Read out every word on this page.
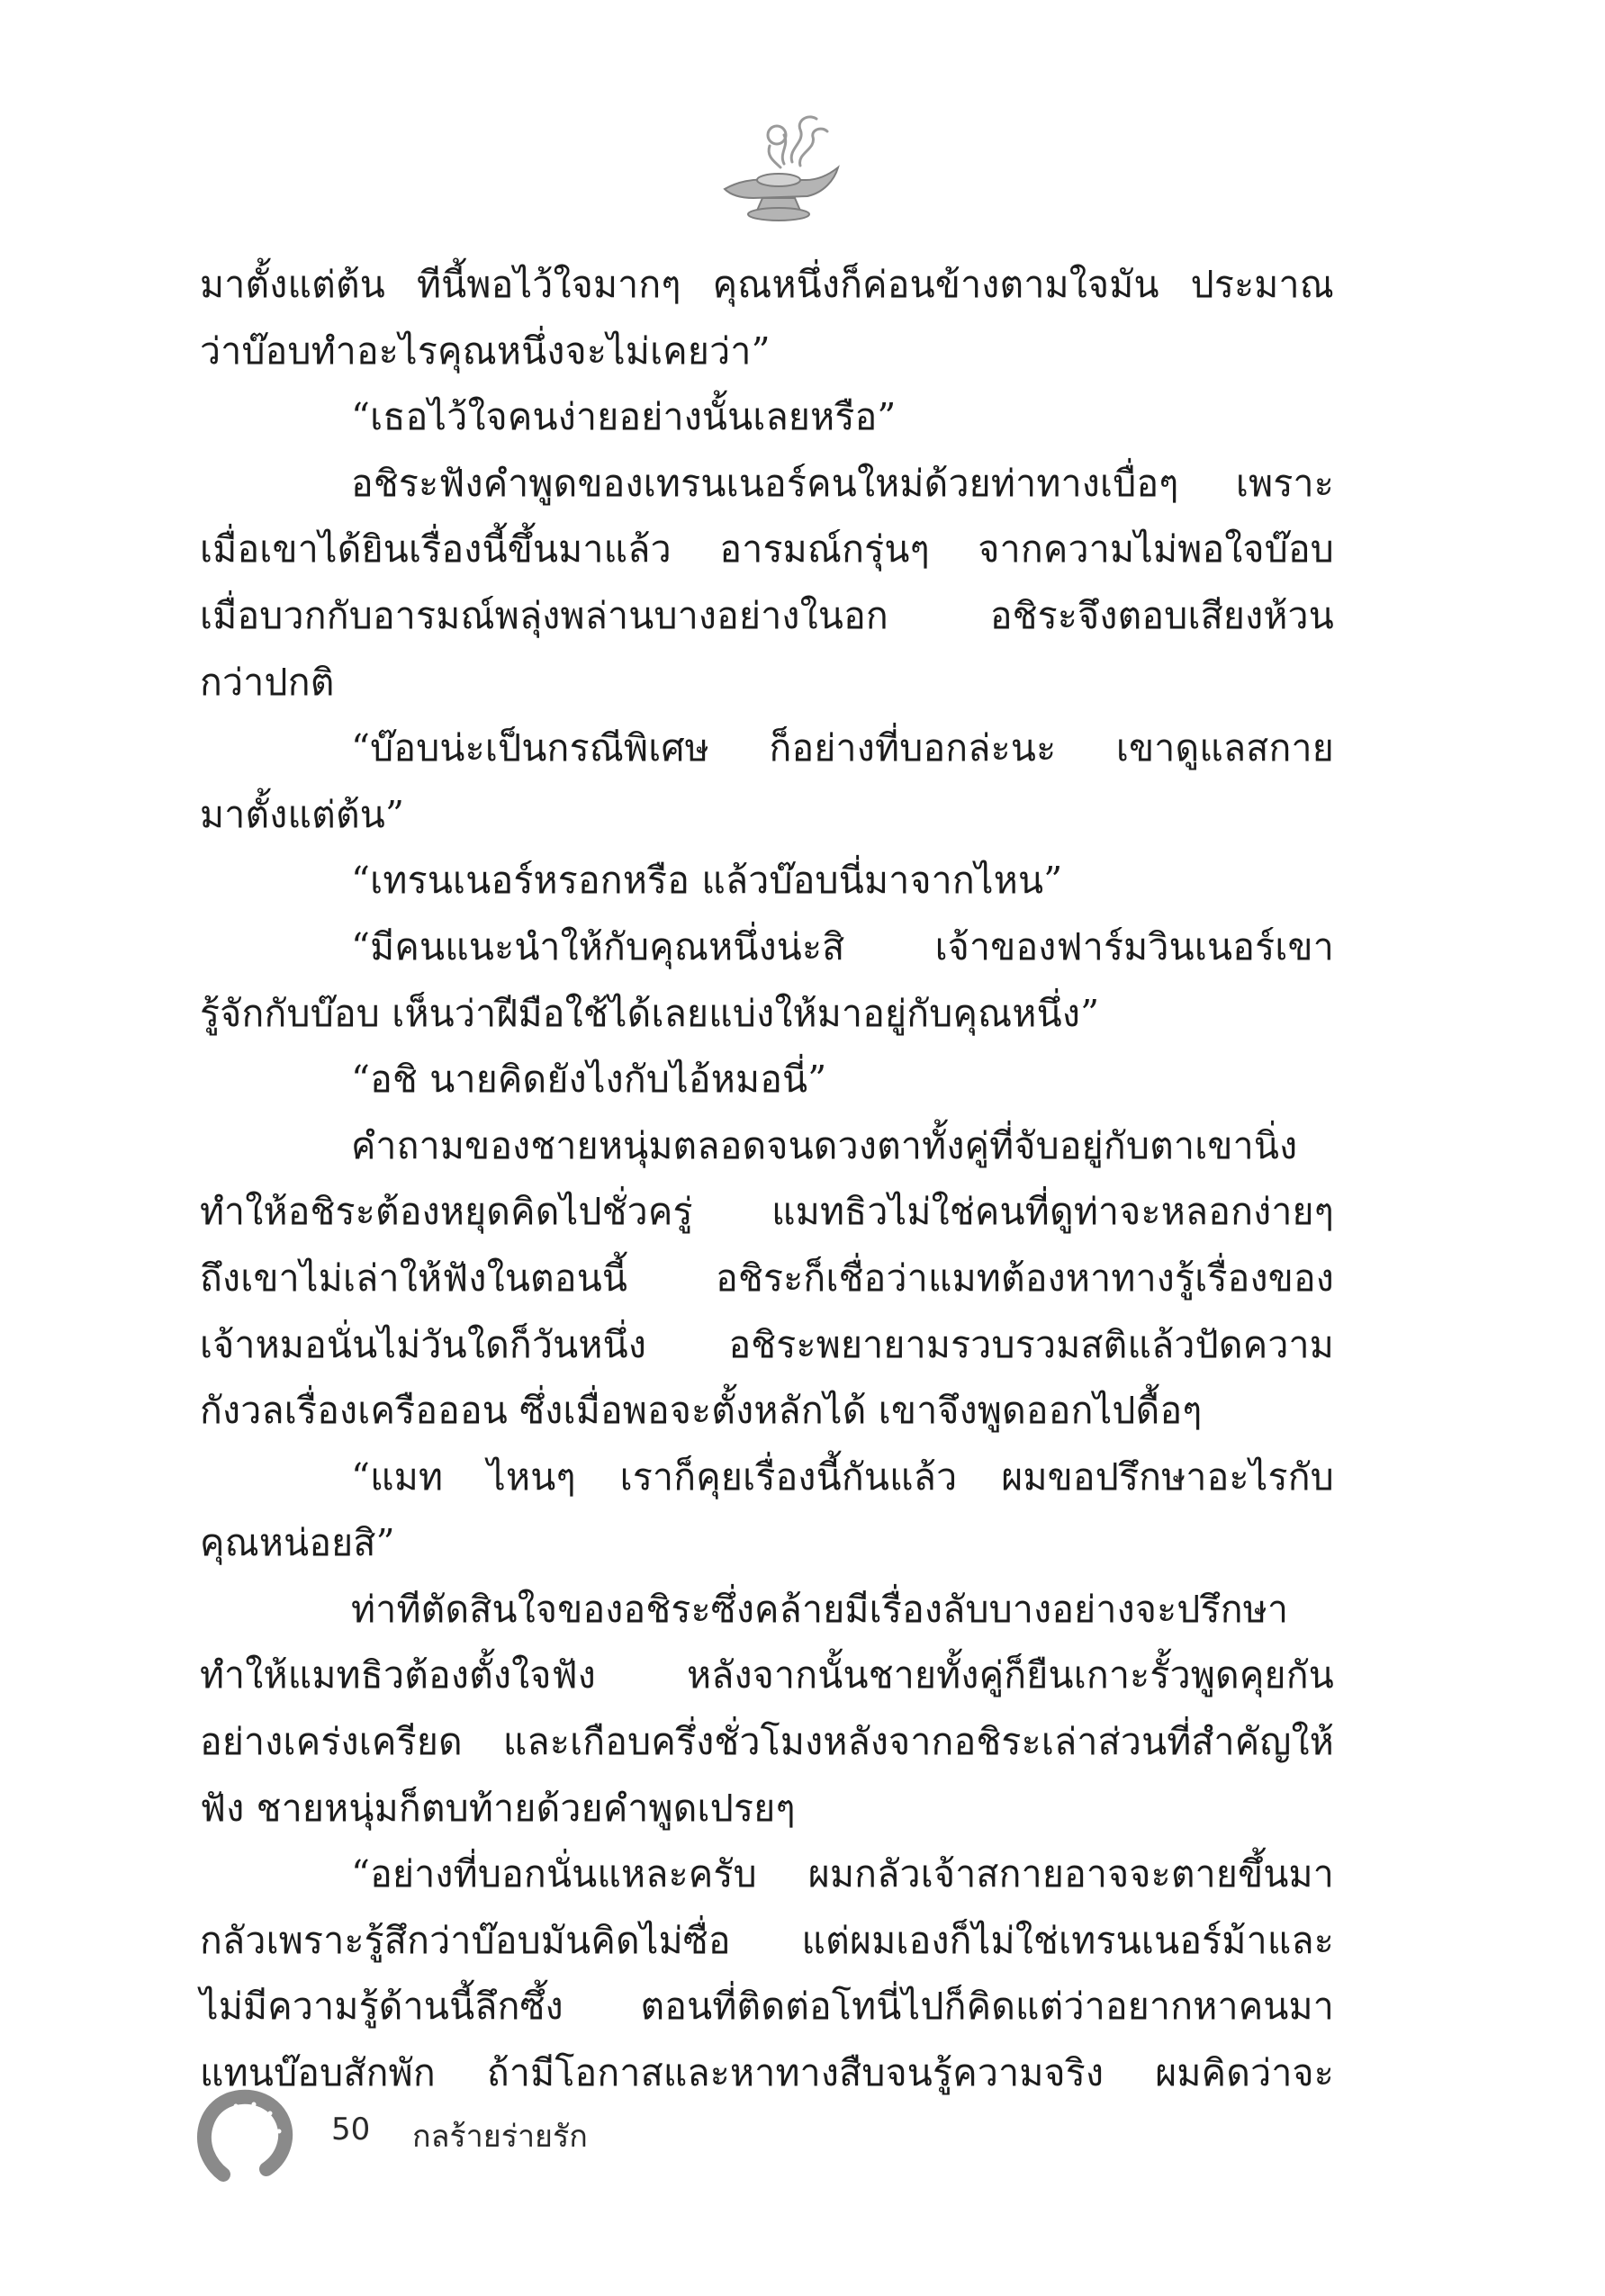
มาตั้งแต่ต้น ทีนี้พอไว้ใจมากๆ คุณหนึ่งก็ค่อนข้างตามใจมัน ประมาณ
ว่าบ๊อบทำอะไรคุณหนึ่งจะไม่เคยว่า”
“เธอไว้ใจคนง่ายอย่างนั้นเลยหรือ”
อชิระฟังคำพูดของเทรนเนอร์คนใหม่ด้วยท่าทางเบื่อๆ เพราะ
เมื่อเขาได้ยินเรื่องนี้ขึ้นมาแล้ว อารมณ์กรุ่นๆ จากความไม่พอใจบ๊อบ
เมื่อบวกกับอารมณ์พลุ่งพล่านบางอย่างในอก อชิระจึงตอบเสียงห้วน
กว่าปกติ
“บ๊อบน่ะเป็นกรณีพิเศษ ก็อย่างที่บอกล่ะนะ เขาดูแลสกาย
มาตั้งแต่ต้น”
“เทรนเนอร์หรอกหรือ แล้วบ๊อบนี่มาจากไหน”
“มีคนแนะนำให้กับคุณหนึ่งน่ะสิ เจ้าของฟาร์มวินเนอร์เขา
รู้จักกับบ๊อบ เห็นว่าฝีมือใช้ได้เลยแบ่งให้มาอยู่กับคุณหนึ่ง”
“อชิ นายคิดยังไงกับไอ้หมอนี่”
คำถามของชายหนุ่มตลอดจนดวงตาทั้งคู่ที่จับอยู่กับตาเขานิ่ง
ทำให้อชิระต้องหยุดคิดไปชั่วครู่ แมทธิวไม่ใช่คนที่ดูท่าจะหลอกง่ายๆ
ถึงเขาไม่เล่าให้ฟังในตอนนี้ อชิระก็เชื่อว่าแมทต้องหาทางรู้เรื่องของ
เจ้าหมอนั่นไม่วันใดก็วันหนึ่ง อชิระพยายามรวบรวมสติแล้วปัดความ
กังวลเรื่องเครือออน ซึ่งเมื่อพอจะตั้งหลักได้ เขาจึงพูดออกไปดื้อๆ
“แมท ไหนๆ เราก็คุยเรื่องนี้กันแล้ว ผมขอปรึกษาอะไรกับ
คุณหน่อยสิ”
ท่าทีตัดสินใจของอชิระซึ่งคล้ายมีเรื่องลับบางอย่างจะปรึกษา
ทำให้แมทธิวต้องตั้งใจฟัง หลังจากนั้นชายทั้งคู่ก็ยืนเกาะรั้วพูดคุยกัน
อย่างเคร่งเครียด และเกือบครึ่งชั่วโมงหลังจากอชิระเล่าส่วนที่สำคัญให้
ฟัง ชายหนุ่มก็ตบท้ายด้วยคำพูดเปรยๆ
“อย่างที่บอกนั่นแหละครับ ผมกลัวเจ้าสกายอาจจะตายขึ้นมา
กลัวเพราะรู้สึกว่าบ๊อบมันคิดไม่ซื่อ แต่ผมเองก็ไม่ใช่เทรนเนอร์ม้าและ
ไม่มีความรู้ด้านนี้ลึกซึ้ง ตอนที่ติดต่อโทนี่ไปก็คิดแต่ว่าอยากหาคนมา
แทนบ๊อบสักพัก ถ้ามีโอกาสและหาทางสืบจนรู้ความจริง ผมคิดว่าจะ
50 กลร้ายร่ายรัก
